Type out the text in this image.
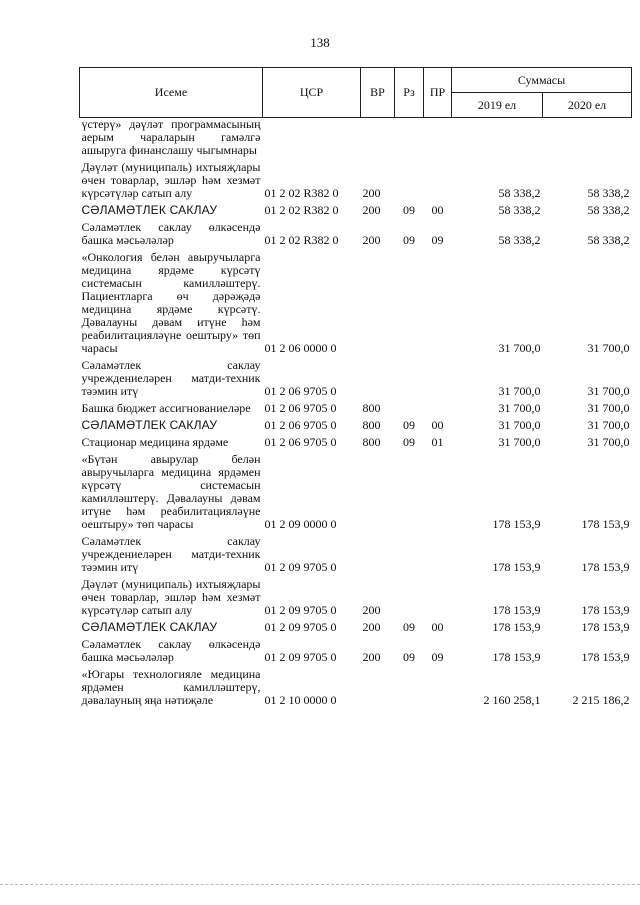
138
Исеме	ЦСР	ВР	Рз	ПР	Суммасы	
					2019 ел	2020 ел
үстерү» дәүләт программасының аерым чараларын гамәлгә ашыруга финанслашу чыгымнары						
Дәүләт (муниципаль) ихтыяҗлары өчен товарлар, эшләр һәм хезмәт күрсәтүләр сатып алу	01 2 02 R382 0	200			58 338,2	58 338,2
СӘЛАМӘТЛЕК САКЛАУ	01 2 02 R382 0	200	09	00	58 338,2	58 338,2
Сәламәтлек саклау өлкәсендә башка мәсьәләләр	01 2 02 R382 0	200	09	09	58 338,2	58 338,2
«Онкология белән авыручыларга медицина ярдәме күрсәтү системасын камилләштерү. Пациентларга өч дәрәҗәдә медицина ярдәме күрсәтү. Дәвалауны дәвам итүне һәм реабилитацияләүне оештыру» төп чарасы	01 2 06 0000 0				31 700,0	31 700,0
Сәламәтлек саклау учреждениеләрен матди-техник тәэмин итү	01 2 06 9705 0				31 700,0	31 700,0
Башка бюджет ассигнованиеләре	01 2 06 9705 0	800			31 700,0	31 700,0
СӘЛАМӘТЛЕК САКЛАУ	01 2 06 9705 0	800	09	00	31 700,0	31 700,0
Стационар медицина ярдәме	01 2 06 9705 0	800	09	01	31 700,0	31 700,0
«Бүтән авырулар белән авыручыларга медицина ярдәмен күрсәтү системасын камилләштерү. Дәвалауны дәвам итүне һәм реабилитацияләүне оештыру» төп чарасы	01 2 09 0000 0				178 153,9	178 153,9
Сәламәтлек саклау учреждениеләрен матди-техник тәэмин итү	01 2 09 9705 0				178 153,9	178 153,9
Дәүләт (муниципаль) ихтыяҗлары өчен товарлар, эшләр һәм хезмәт күрсәтүләр сатып алу	01 2 09 9705 0	200			178 153,9	178 153,9
СӘЛАМӘТЛЕК САКЛАУ	01 2 09 9705 0	200	09	00	178 153,9	178 153,9
Сәламәтлек саклау өлкәсендә башка мәсьәләләр	01 2 09 9705 0	200	09	09	178 153,9	178 153,9
«Югары технологияле медицина ярдәмен камилләштерү, дәвалауның яңа нәтиҗәле	01 2 10 0000 0				2 160 258,1	2 215 186,2
